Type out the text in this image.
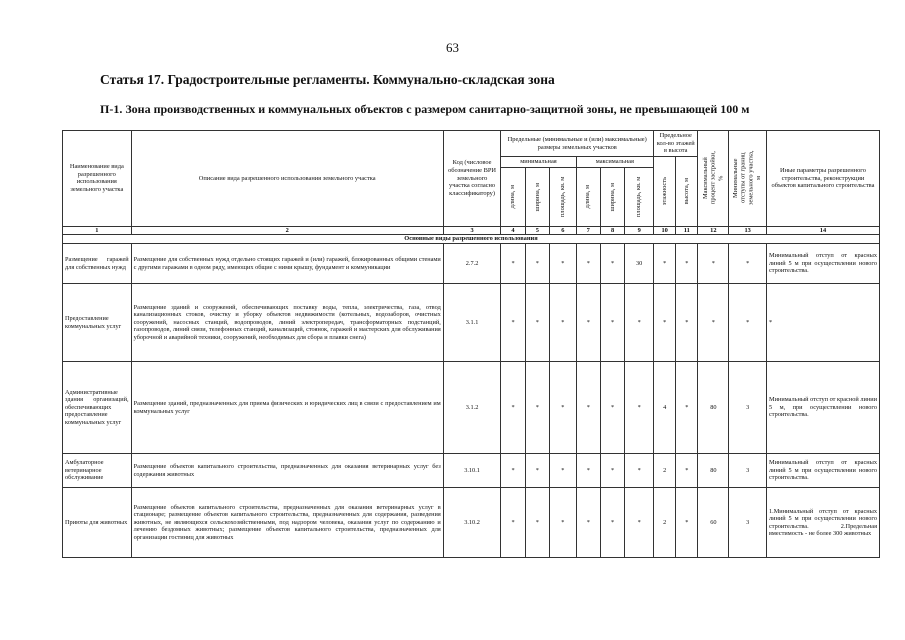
63
Статья 17. Градостроительные регламенты. Коммунально-складская зона
П-1. Зона производственных и коммунальных объектов с размером санитарно-защитной зоны, не превышающей 100 м
Наименование вида разрешенного использования земельного участка	Описание вида разрешенного использования земельного участка	Код (числовое обозначение ВРИ земельного участка согласно классификатору)	Предельные (минимальные и (или) максимальные) размеры земельных участков						Предельное кол-во этажей в высота		Максимальный процент застройки, %	Минимальные отступы от границ земельного участка, м	Иные параметры разрешенного строительства, реконструкции объектов капитального строительства
			минимальная			максимальная			этажность	высота, м			

			длина, м	ширина, м	площадь, кв. м	длина, м	ширина, м	площадь, кв. м					

1	2	3	4	5	6	7	8	9	10	11	12	13	14
Основные виды разрешенного использования													
Размещение гаражей для собственных нужд	Размещение для собственных нужд отдельно стоящих гаражей и (или) гаражей, блокированных общими стенами с другими гаражами в одном ряду, имеющих общие с ними крышу, фундамент и коммуникации	2.7.2	*	*	*	*	*	30	*	*	*	*	Минимальный отступ от красных линий 5 м при осуществлении нового строительства.
Предоставление коммунальных услуг	Размещение зданий и сооружений, обеспечивающих поставку воды, тепла, электричества, газа, отвод канализационных стоков, очистку и уборку объектов недвижимости (котельных, водозаборов, очистных сооружений, насосных станций, водопроводов, линий электропередач, трансформаторных подстанций, газопроводов, линий связи, телефонных станций, канализаций, стоянок, гаражей и мастерских для обслуживания уборочной и аварийной техники, сооружений, необходимых для сбора и плавки снега)	3.1.1	*	*	*	*	*	*	*	*	*	*	*
Административные здания организаций, обеспечивающих предоставление коммунальных услуг	Размещение зданий, предназначенных для приема физических и юридических лиц в связи с предоставлением им коммунальных услуг	3.1.2	*	*	*	*	*	*	4	*	80	3	Минимальный отступ от красной линии 5 м, при осуществлении нового строительства.
Амбулаторное ветеринарное обслуживание	Размещение объектов капитального строительства, предназначенных для оказания ветеринарных услуг без содержания животных	3.10.1	*	*	*	*	*	*	2	*	80	3	Минимальный отступ от красных линий 5 м при осуществлении нового строительства.
Приюты для животных	Размещение объектов капитального строительства, предназначенных для оказания ветеринарных услуг в стационаре; размещение объектов капитального строительства, предназначенных для содержания, разведения животных, не являющихся сельскохозяйственными, под надзором человека, оказания услуг по содержанию и лечению бездомных животных; размещение объектов капитального строительства, предназначенных для организации гостиниц для животных	3.10.2	*	*	*	*	*	*	2	*	60	3	1.Минимальный отступ от красных линий 5 м при осуществлении нового строительства. 2.Предельная вместимость - не более 300 животных
